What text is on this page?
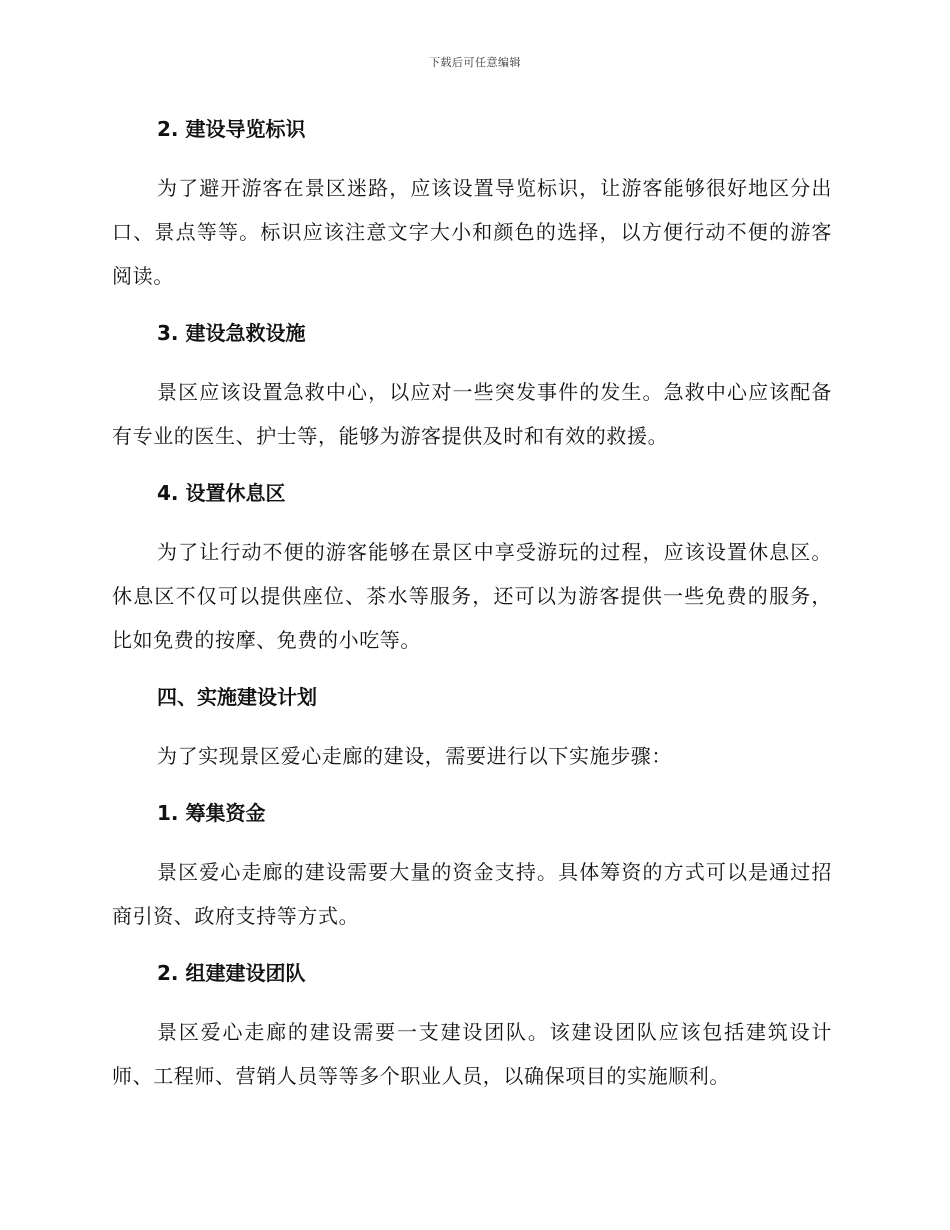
下载后可任意编辑
2. 建设导览标识
为了避开游客在景区迷路，应该设置导览标识，让游客能够很好地区分出口、景点等等。标识应该注意文字大小和颜色的选择，以方便行动不便的游客阅读。
3. 建设急救设施
景区应该设置急救中心，以应对一些突发事件的发生。急救中心应该配备有专业的医生、护士等，能够为游客提供及时和有效的救援。
4. 设置休息区
为了让行动不便的游客能够在景区中享受游玩的过程，应该设置休息区。休息区不仅可以提供座位、茶水等服务，还可以为游客提供一些免费的服务，比如免费的按摩、免费的小吃等。
四、实施建设计划
为了实现景区爱心走廊的建设，需要进行以下实施步骤：
1. 筹集资金
景区爱心走廊的建设需要大量的资金支持。具体筹资的方式可以是通过招商引资、政府支持等方式。
2. 组建建设团队
景区爱心走廊的建设需要一支建设团队。该建设团队应该包括建筑设计师、工程师、营销人员等等多个职业人员，以确保项目的实施顺利。
